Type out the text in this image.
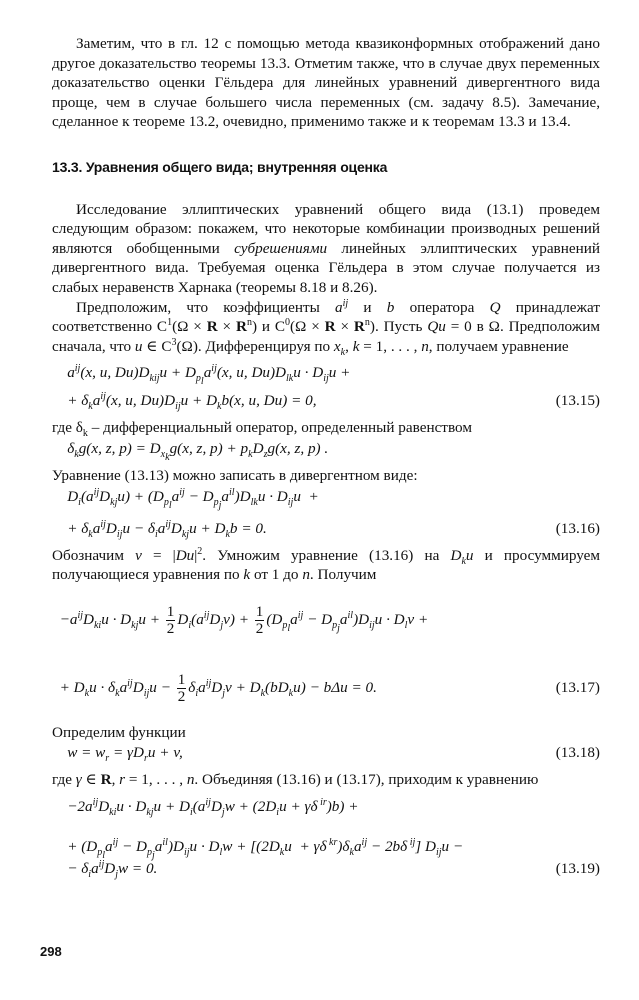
Заметим, что в гл. 12 с помощью метода квазиконформных отображений дано другое доказательство теоремы 13.3. Отметим также, что в случае двух переменных доказательство оценки Гёльдера для линейных уравнений дивергентного вида проще, чем в случае большего числа переменных (см. задачу 8.5). Замечание, сделанное к теореме 13.2, очевидно, применимо также и к теоремам 13.3 и 13.4.

13.3. Уравнения общего вида; внутренняя оценка

Исследование эллиптических уравнений общего вида (13.1) проведем следующим образом: покажем, что некоторые комбинации производных решений являются обобщенными субрешениями линейных эллиптических уравнений дивергентного вида. Требуемая оценка Гёльдера в этом случае получается из слабых неравенств Харнака (теоремы 8.18 и 8.26).

Предположим, что коэффициенты $a^{ij}$ и b оператора Q принадлежат соответственно $C^1(\Omega \times R \times R^n)$ и $C^0(\Omega \times R \times R^n)$. Пусть Qu = 0 в Ω. Предположим сначала, что u ∈ $C^3(\Omega)$. Дифференцируя по $x_k$, k = 1, . . . , n, получаем уравнение

$a^{ij}(x$, u, $Du)D_{kij}u + D_{p_l}a^{ij}(x$, u, $Du)D_{lk}u \cdot D_{ij}u$ +
+ $\delta_ka^{ij}(x$, u, $Du)D_{ij}u + D_kb(x$, u, Du) = 0,	(13.15)

где $\delta_k$ – дифференциальный оператор, определенный равенством

$\delta_kg(x$, z, $p) = D_{x_k}g(x$, z, $p) + p_kD_zg(x$, z, p) .

Уравнение (13.13) можно записать в дивергентном виде:

$D_i(a^{ij}D_{kj}u) + (D_{p_l}a^{ij} - D_{p_j}a^{il})D_{lk}u \cdot D_{ij}u$  +
+ $\delta_ka^{ij}D_{ij}u - \delta_ia^{ij}D_{kj}u + D_kb = 0$.	(13.16)

Обозначим $v = |Du|^2$. Умножим уравнение (13.16) на $D_ku$ и просуммируем получающиеся уравнения по k от 1 до n. Получим

$-a^{ij}D_{ki}u \cdot D_{kj}u + \frac{1}{2} D_i(a^{ij}D_jv) + \frac{1}{2} (D_{p_l}a^{ij} - D_{p_j}a^{il})D_{ij}u \cdot D_lv$ +
+ $D_ku \cdot \delta_ka^{ij}D_{ij}u - \frac{1}{2} \delta_ia^{ij}D_jv + D_k(bD_ku) - b\Delta u = 0$.	(13.17)

Определим функции

$w = w_r = \gamma D_ru + v$,	(13.18)

где γ ∈ R, r = 1, . . . , n. Объединяя (13.16) и (13.17), приходим к уравнению

$-2a^{ij}D_{ki}u \cdot D_{kj}u + D_i(a^{ij}D_jw + (2D_iu + \gamma\delta$ $^{ir}$)b) +
+ $(D_{p_l}a^{ij} - D_{p_j}a^{il})D_{ij}u \cdot D_lw + [(2D_ku + \gamma\delta$ $^{kr})\delta_ka^{ij} - 2b\delta$ $^{ij}$] $D_{ij}u$ −
− $\delta_ia^{ij}D_jw = 0$.	(13.19)
298
